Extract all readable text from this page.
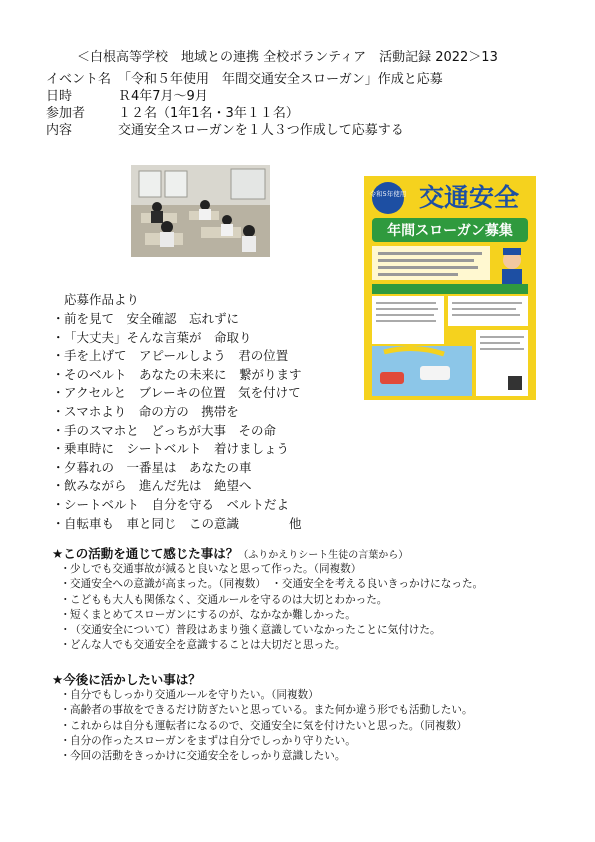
＜白根高等学校　地域との連携 全校ボランティア　活動記録 2022＞13
イベント名 「令和５年使用　年間交通安全スローガン」作成と応募
日時	Ｒ4年7月～9月
参加者	１２名（1年1名・3年１１名）
内容	交通安全スローガンを１人３つ作成して応募する
令和5年使用 交通安全
年間スローガン募集
応募作品より
・前を見て　安全確認　忘れずに
・「大丈夫」そんな言葉が　命取り
・手を上げて　アピールしよう　君の位置
・そのベルト　あなたの未来に　繋がります
・アクセルと　ブレーキの位置　気を付けて
・スマホより　命の方の　携帯を
・手のスマホと　どっちが大事　その命
・乗車時に　シートベルト　着けましょう
・夕暮れの　一番星は　あなたの車
・飲みながら　進んだ先は　絶望へ
・シートベルト　自分を守る　ベルトだよ
・自転車も　車と同じ　この意識　　　　他
★この活動を通じて感じた事は？（ふりかえりシート生徒の言葉から）
・少しでも交通事故が減ると良いなと思って作った。（同複数）
・交通安全への意識が高まった。（同複数）　・交通安全を考える良いきっかけになった。
・こどもも大人も関係なく、交通ルールを守るのは大切とわかった。
・短くまとめてスローガンにするのが、なかなか難しかった。
・（交通安全について）普段はあまり強く意識していなかったことに気付けた。
・どんな人でも交通安全を意識することは大切だと思った。
★今後に活かしたい事は？
・自分でもしっかり交通ルールを守りたい。（同複数）
・高齢者の事故をできるだけ防ぎたいと思っている。また何か違う形でも活動したい。
・これからは自分も運転者になるので、交通安全に気を付けたいと思った。（同複数）
・自分の作ったスローガンをまずは自分でしっかり守りたい。
・今回の活動をきっかけに交通安全をしっかり意識したい。
